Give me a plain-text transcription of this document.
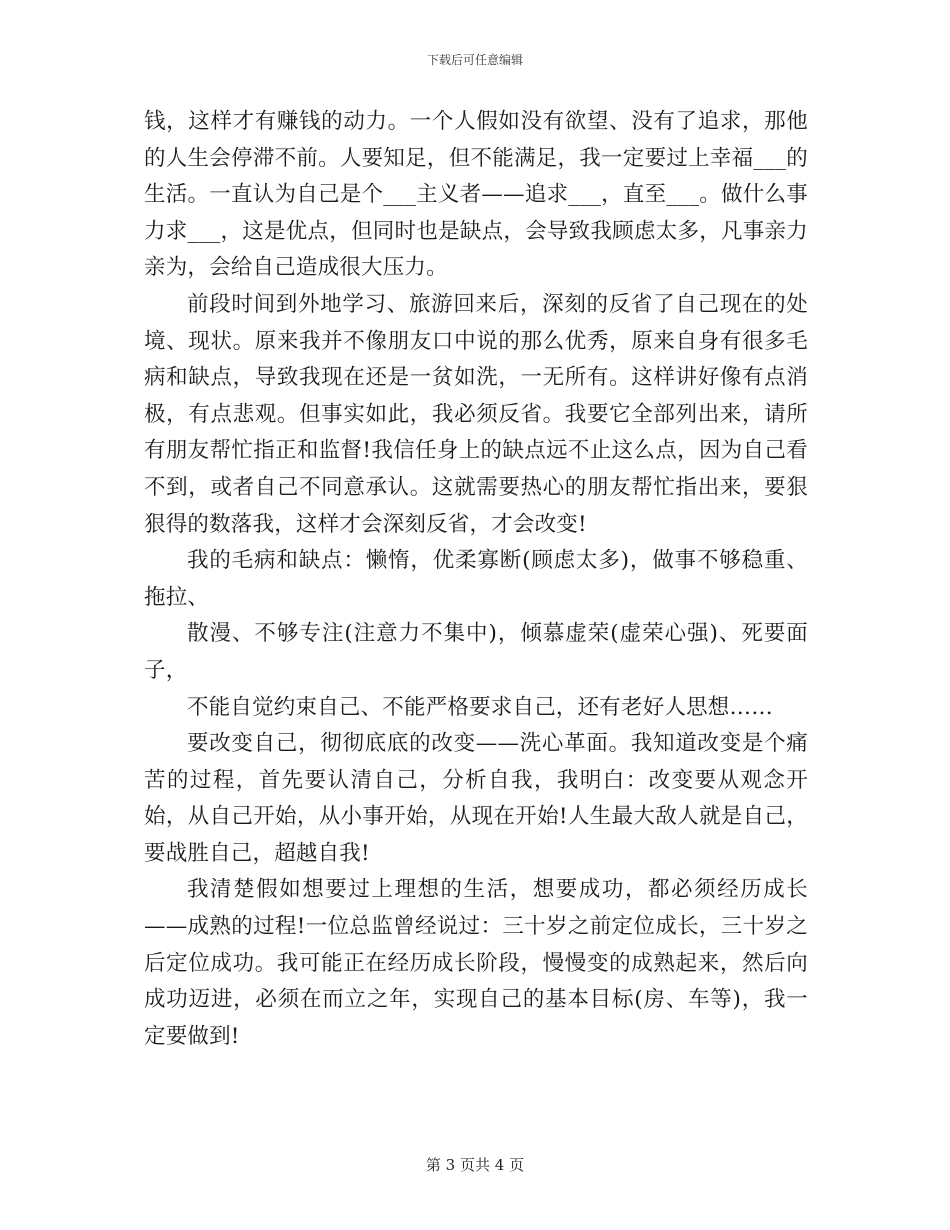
下载后可任意编辑

钱，这样才有赚钱的动力。一个人假如没有欲望、没有了追求，那他的人生会停滞不前。人要知足，但不能满足，我一定要过上幸福___的生活。一直认为自己是个___主义者——追求___，直至___。做什么事力求___，这是优点，但同时也是缺点，会导致我顾虑太多，凡事亲力亲为，会给自己造成很大压力。

前段时间到外地学习、旅游回来后，深刻的反省了自己现在的处境、现状。原来我并不像朋友口中说的那么优秀，原来自身有很多毛病和缺点，导致我现在还是一贫如洗，一无所有。这样讲好像有点消极，有点悲观。但事实如此，我必须反省。我要它全部列出来，请所有朋友帮忙指正和监督!我信任身上的缺点远不止这么点，因为自己看不到，或者自己不同意承认。这就需要热心的朋友帮忙指出来，要狠狠得的数落我，这样才会深刻反省，才会改变!

我的毛病和缺点：懒惰，优柔寡断(顾虑太多)，做事不够稳重、拖拉、

散漫、不够专注(注意力不集中)，倾慕虚荣(虚荣心强)、死要面子，

不能自觉约束自己、不能严格要求自己，还有老好人思想……

要改变自己，彻彻底底的改变——洗心革面。我知道改变是个痛苦的过程，首先要认清自己，分析自我，我明白：改变要从观念开始，从自己开始，从小事开始，从现在开始!人生最大敌人就是自己，要战胜自己，超越自我!

我清楚假如想要过上理想的生活，想要成功，都必须经历成长——成熟的过程!一位总监曾经说过：三十岁之前定位成长，三十岁之后定位成功。我可能正在经历成长阶段，慢慢变的成熟起来，然后向成功迈进，必须在而立之年，实现自己的基本目标(房、车等)，我一定要做到!

第 3 页共 4 页
